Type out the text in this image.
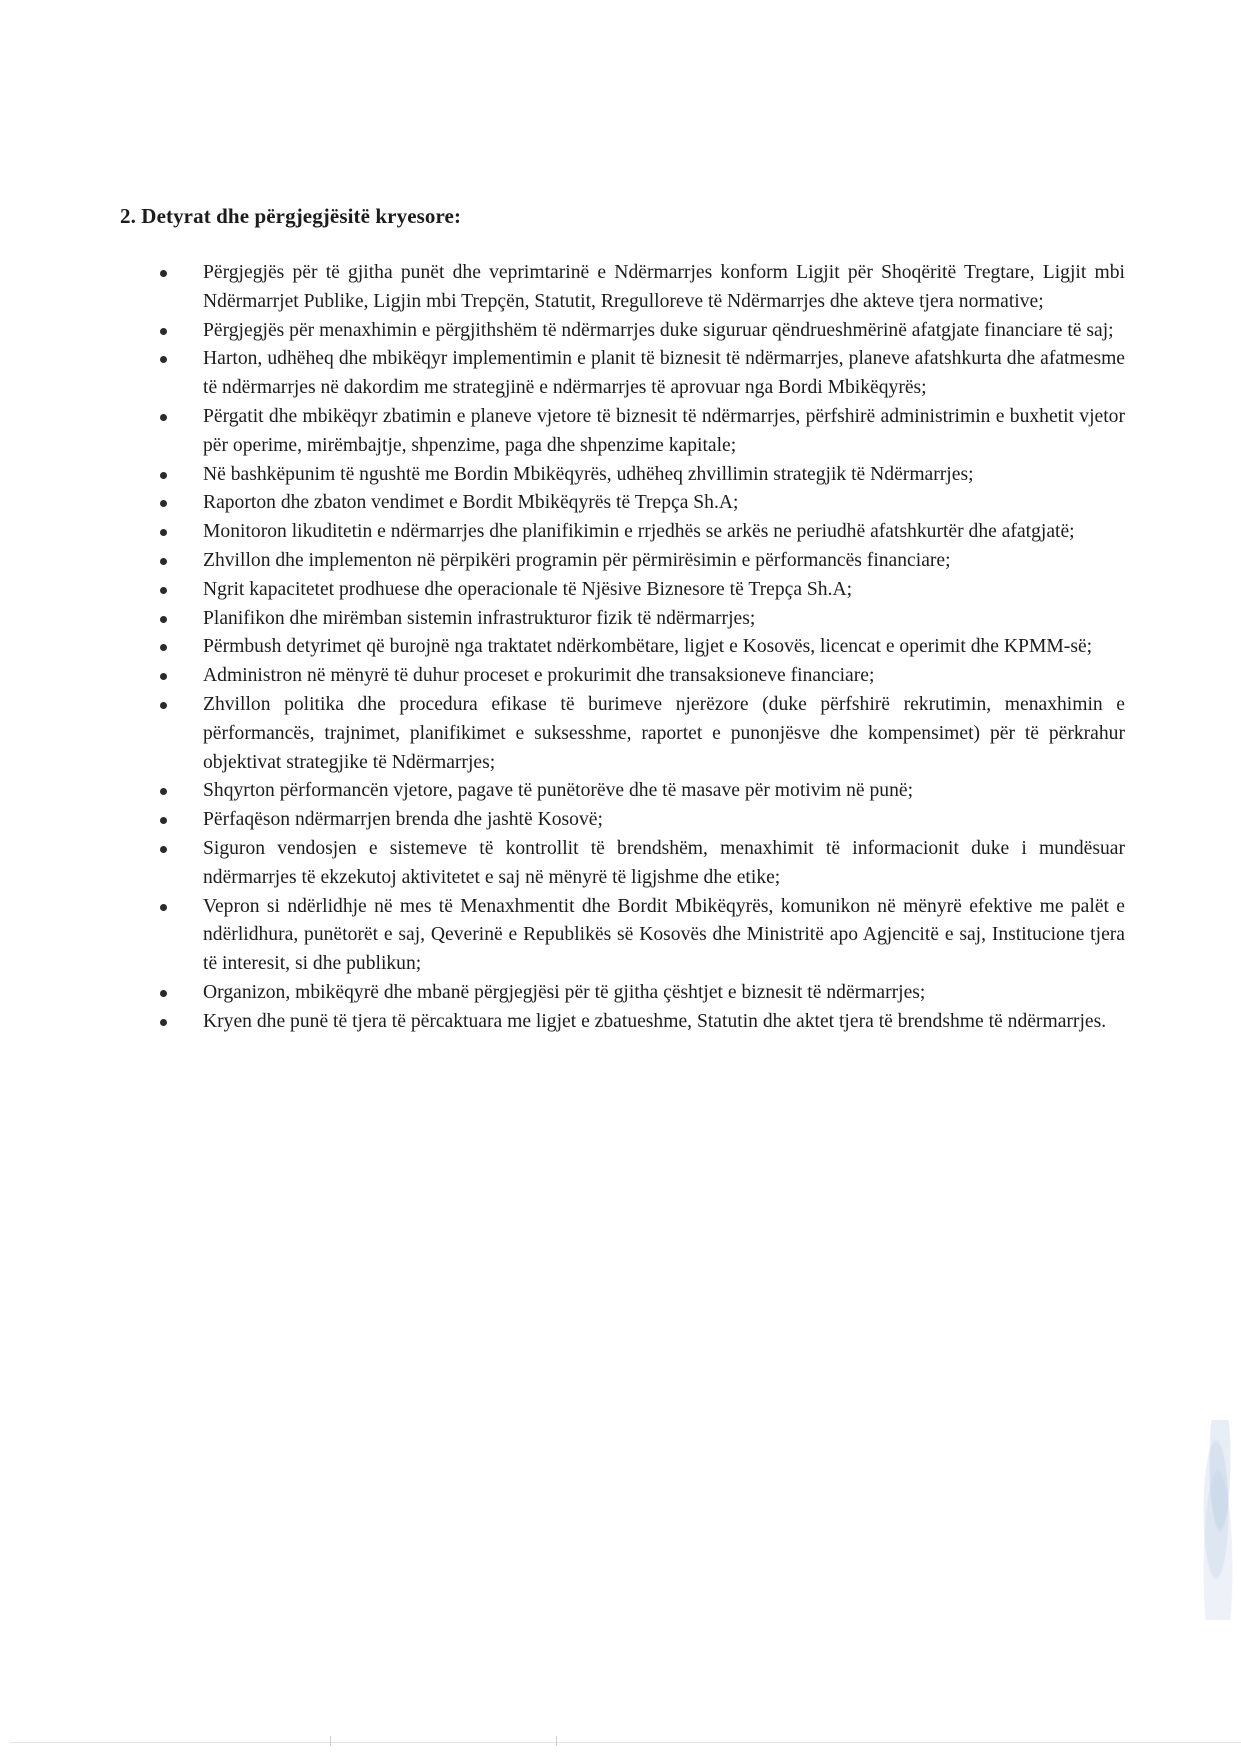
2. Detyrat dhe përgjegjësitë kryesore:
Përgjegjës për të gjitha punët dhe veprimtarinë e Ndërmarrjes konform Ligjit për Shoqëritë Tregtare, Ligjit mbi Ndërmarrjet Publike, Ligjin mbi Trepçën, Statutit, Rregulloreve të Ndërmarrjes dhe akteve tjera normative;
Përgjegjës për menaxhimin e përgjithshëm të ndërmarrjes duke siguruar qëndrueshmërinë afatgjate financiare të saj;
Harton, udhëheq dhe mbikëqyr implementimin e planit të biznesit të ndërmarrjes, planeve afatshkurta dhe afatmesme të ndërmarrjes në dakordim me strategjinë e ndërmarrjes të aprovuar nga Bordi Mbikëqyrës;
Përgatit dhe mbikëqyr zbatimin e planeve vjetore të biznesit të ndërmarrjes, përfshirë administrimin e buxhetit vjetor për operime, mirëmbajtje, shpenzime, paga dhe shpenzime kapitale;
Në bashkëpunim të ngushtë me Bordin Mbikëqyrës, udhëheq zhvillimin strategjik të Ndërmarrjes;
Raporton dhe zbaton vendimet e Bordit Mbikëqyrës të Trepça Sh.A;
Monitoron likuditetin e ndërmarrjes dhe planifikimin e rrjedhës se arkës ne periudhë afatshkurtër dhe afatgjatë;
Zhvillon dhe implementon në përpikëri programin për përmirësimin e përformancës financiare;
Ngrit kapacitetet prodhuese dhe operacionale të Njësive Biznesore të Trepça Sh.A;
Planifikon dhe mirëmban sistemin infrastrukturor fizik të ndërmarrjes;
Përmbush detyrimet që burojnë nga traktatet ndërkombëtare, ligjet e Kosovës, licencat e operimit dhe KPMM-së;
Administron në mënyrë të duhur proceset e prokurimit dhe transaksioneve financiare;
Zhvillon politika dhe procedura efikase të burimeve njerëzore (duke përfshirë rekrutimin, menaxhimin e përformancës, trajnimet, planifikimet e suksesshme, raportet e punonjësve dhe kompensimet) për të përkrahur objektivat strategjike të Ndërmarrjes;
Shqyrton përformancën vjetore, pagave të punëtorëve dhe të masave për motivim në punë;
Përfaqëson ndërmarrjen brenda dhe jashtë Kosovë;
Siguron vendosjen e sistemeve të kontrollit të brendshëm, menaxhimit të informacionit duke i mundësuar ndërmarrjes të ekzekutoj aktivitetet e saj në mënyrë të ligjshme dhe etike;
Vepron si ndërlidhje në mes të Menaxhmentit dhe Bordit Mbikëqyrës, komunikon në mënyrë efektive me palët e ndërlidhura, punëtorët e saj, Qeverinë e Republikës së Kosovës dhe Ministritë apo Agjencitë e saj, Institucione tjera të interesit, si dhe publikun;
Organizon, mbikëqyrë dhe mbanë përgjegjësi për të gjitha çështjet e biznesit të ndërmarrjes;
Kryen dhe punë të tjera të përcaktuara me ligjet e zbatueshme, Statutin dhe aktet tjera të brendshme të ndërmarrjes.
